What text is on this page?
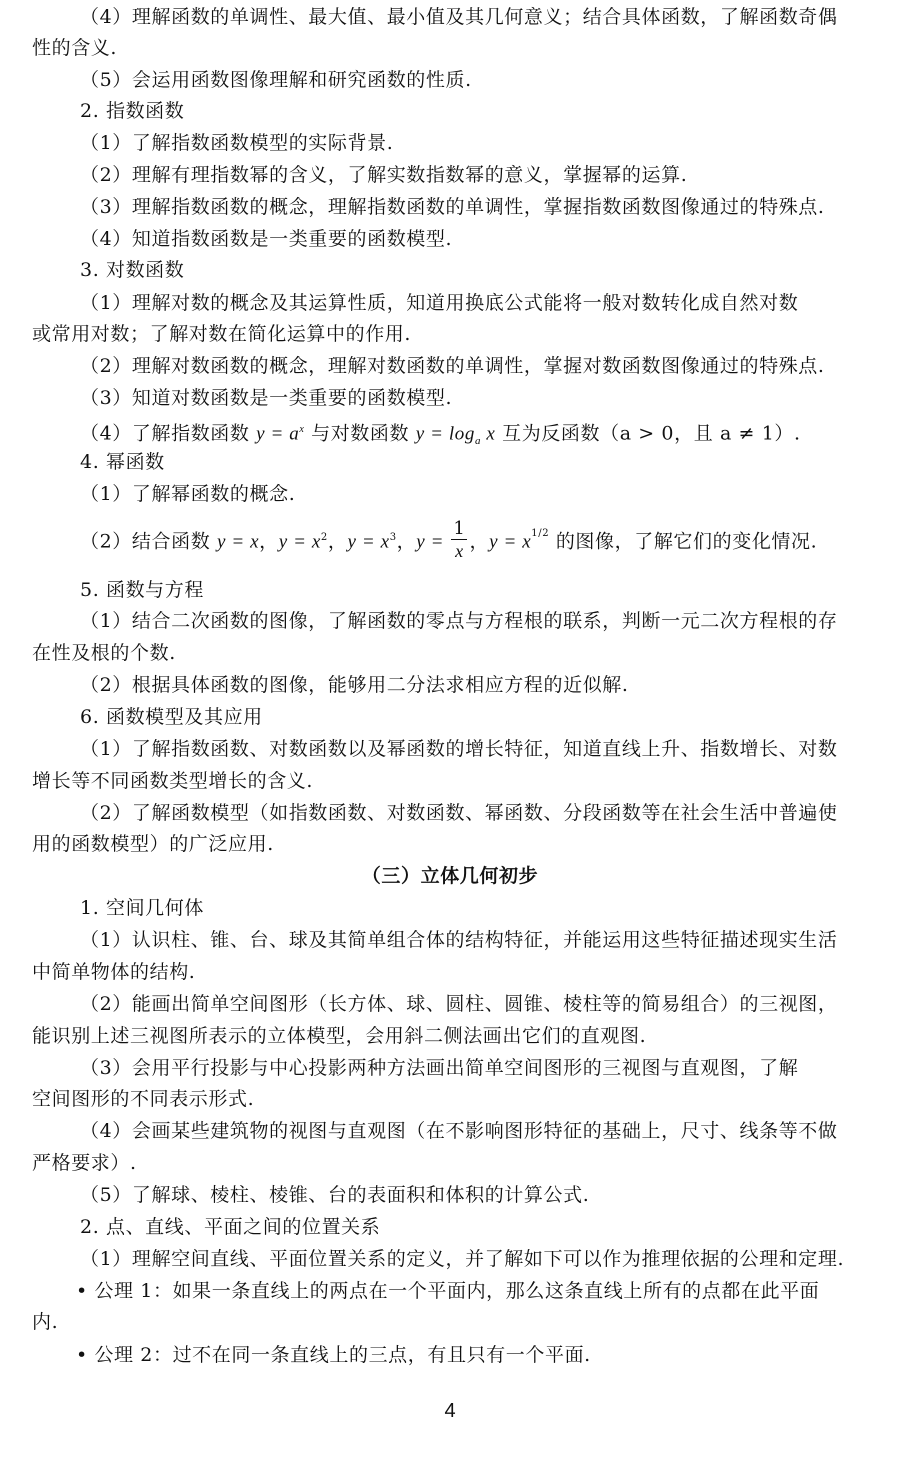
（4）理解函数的单调性、最大值、最小值及其几何意义；结合具体函数，了解函数奇偶
性的含义.
（5）会运用函数图像理解和研究函数的性质.
2. 指数函数
（1）了解指数函数模型的实际背景.
（2）理解有理指数幂的含义，了解实数指数幂的意义，掌握幂的运算.
（3）理解指数函数的概念，理解指数函数的单调性，掌握指数函数图像通过的特殊点.
（4）知道指数函数是一类重要的函数模型.
3. 对数函数
（1）理解对数的概念及其运算性质，知道用换底公式能将一般对数转化成自然对数
或常用对数；了解对数在简化运算中的作用.
（2）理解对数函数的概念，理解对数函数的单调性，掌握对数函数图像通过的特殊点.
（3）知道对数函数是一类重要的函数模型.
（4）了解指数函数 $y = a^x$ 与对数函数 $y = \log_a x$ 互为反函数（a > 0，且 a ≠ 1）.
4. 幂函数
（1）了解幂函数的概念.
（2）结合函数 y = x，$y = x^2$，$y = x^3$，$y = \frac{1}{x}$ ，$y = x^{1/2}$ 的图像，了解它们的变化情况.
5. 函数与方程
（1）结合二次函数的图像，了解函数的零点与方程根的联系，判断一元二次方程根的存
在性及根的个数.
（2）根据具体函数的图像，能够用二分法求相应方程的近似解.
6. 函数模型及其应用
（1）了解指数函数、对数函数以及幂函数的增长特征，知道直线上升、指数增长、对数
增长等不同函数类型增长的含义.
（2）了解函数模型（如指数函数、对数函数、幂函数、分段函数等在社会生活中普遍使
用的函数模型）的广泛应用.
（三）立体几何初步
1. 空间几何体
（1）认识柱、锥、台、球及其简单组合体的结构特征，并能运用这些特征描述现实生活
中简单物体的结构.
（2）能画出简单空间图形（长方体、球、圆柱、圆锥、棱柱等的简易组合）的三视图，
能识别上述三视图所表示的立体模型，会用斜二侧法画出它们的直观图.
（3）会用平行投影与中心投影两种方法画出简单空间图形的三视图与直观图，了解
空间图形的不同表示形式.
（4）会画某些建筑物的视图与直观图（在不影响图形特征的基础上，尺寸、线条等不做
严格要求）.
（5）了解球、棱柱、棱锥、台的表面积和体积的计算公式.
2. 点、直线、平面之间的位置关系
（1）理解空间直线、平面位置关系的定义，并了解如下可以作为推理依据的公理和定理.
• 公理 1：如果一条直线上的两点在一个平面内，那么这条直线上所有的点都在此平面
内.
• 公理 2：过不在同一条直线上的三点，有且只有一个平面.
4
